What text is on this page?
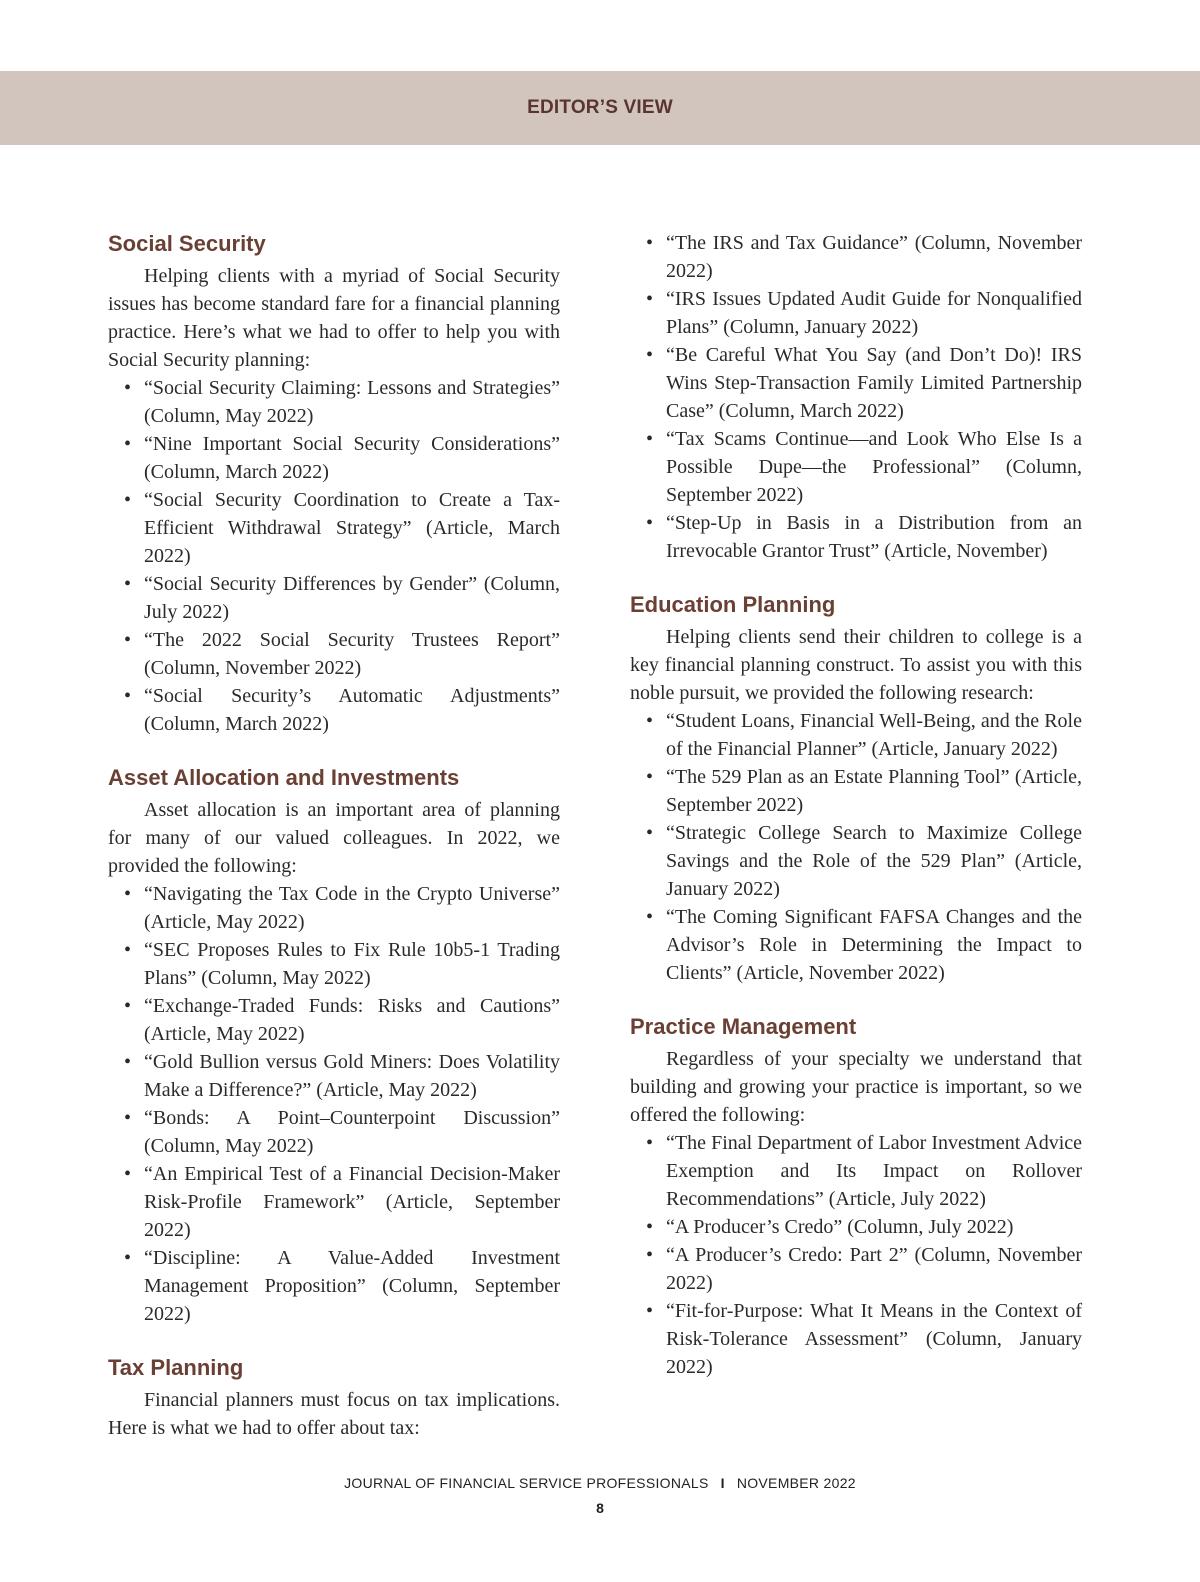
EDITOR’S VIEW
Social Security

Helping clients with a myriad of Social Security issues has become standard fare for a financial planning practice. Here’s what we had to offer to help you with Social Security planning:

• “Social Security Claiming: Lessons and Strategies” (Column, May 2022)
• “Nine Important Social Security Considerations” (Column, March 2022)
• “Social Security Coordination to Create a Tax-Efficient Withdrawal Strategy” (Article, March 2022)
• “Social Security Differences by Gender” (Column, July 2022)
• “The 2022 Social Security Trustees Report” (Column, November 2022)
• “Social Security’s Automatic Adjustments” (Column, March 2022)
Asset Allocation and Investments

Asset allocation is an important area of planning for many of our valued colleagues. In 2022, we provided the following:

• “Navigating the Tax Code in the Crypto Universe” (Article, May 2022)
• “SEC Proposes Rules to Fix Rule 10b5-1 Trading Plans” (Column, May 2022)
• “Exchange-Traded Funds: Risks and Cautions” (Article, May 2022)
• “Gold Bullion versus Gold Miners: Does Volatility Make a Difference?” (Article, May 2022)
• “Bonds: A Point–Counterpoint Discussion” (Column, May 2022)
• “An Empirical Test of a Financial Decision-Maker Risk-Profile Framework” (Article, September 2022)
• “Discipline: A Value-Added Investment Management Proposition” (Column, September 2022)
Tax Planning

Financial planners must focus on tax implications. Here is what we had to offer about tax:

• “The IRS and Tax Guidance” (Column, November 2022)
• “IRS Issues Updated Audit Guide for Nonqualified Plans” (Column, January 2022)
• “Be Careful What You Say (and Don’t Do)! IRS Wins Step-Transaction Family Limited Partnership Case” (Column, March 2022)
• “Tax Scams Continue—and Look Who Else Is a Possible Dupe—the Professional” (Column, September 2022)
• “Step-Up in Basis in a Distribution from an Irrevocable Grantor Trust” (Article, November)
Education Planning

Helping clients send their children to college is a key financial planning construct. To assist you with this noble pursuit, we provided the following research:

• “Student Loans, Financial Well-Being, and the Role of the Financial Planner” (Article, January 2022)
• “The 529 Plan as an Estate Planning Tool” (Article, September 2022)
• “Strategic College Search to Maximize College Savings and the Role of the 529 Plan” (Article, January 2022)
• “The Coming Significant FAFSA Changes and the Advisor’s Role in Determining the Impact to Clients” (Article, November 2022)
Practice Management

Regardless of your specialty we understand that building and growing your practice is important, so we offered the following:

• “The Final Department of Labor Investment Advice Exemption and Its Impact on Rollover Recommendations” (Article, July 2022)
• “A Producer’s Credo” (Column, July 2022)
• “A Producer’s Credo: Part 2” (Column, November 2022)
• “Fit-for-Purpose: What It Means in the Context of Risk-Tolerance Assessment” (Column, January 2022)
JOURNAL OF FINANCIAL SERVICE PROFESSIONALS I NOVEMBER 2022
8
